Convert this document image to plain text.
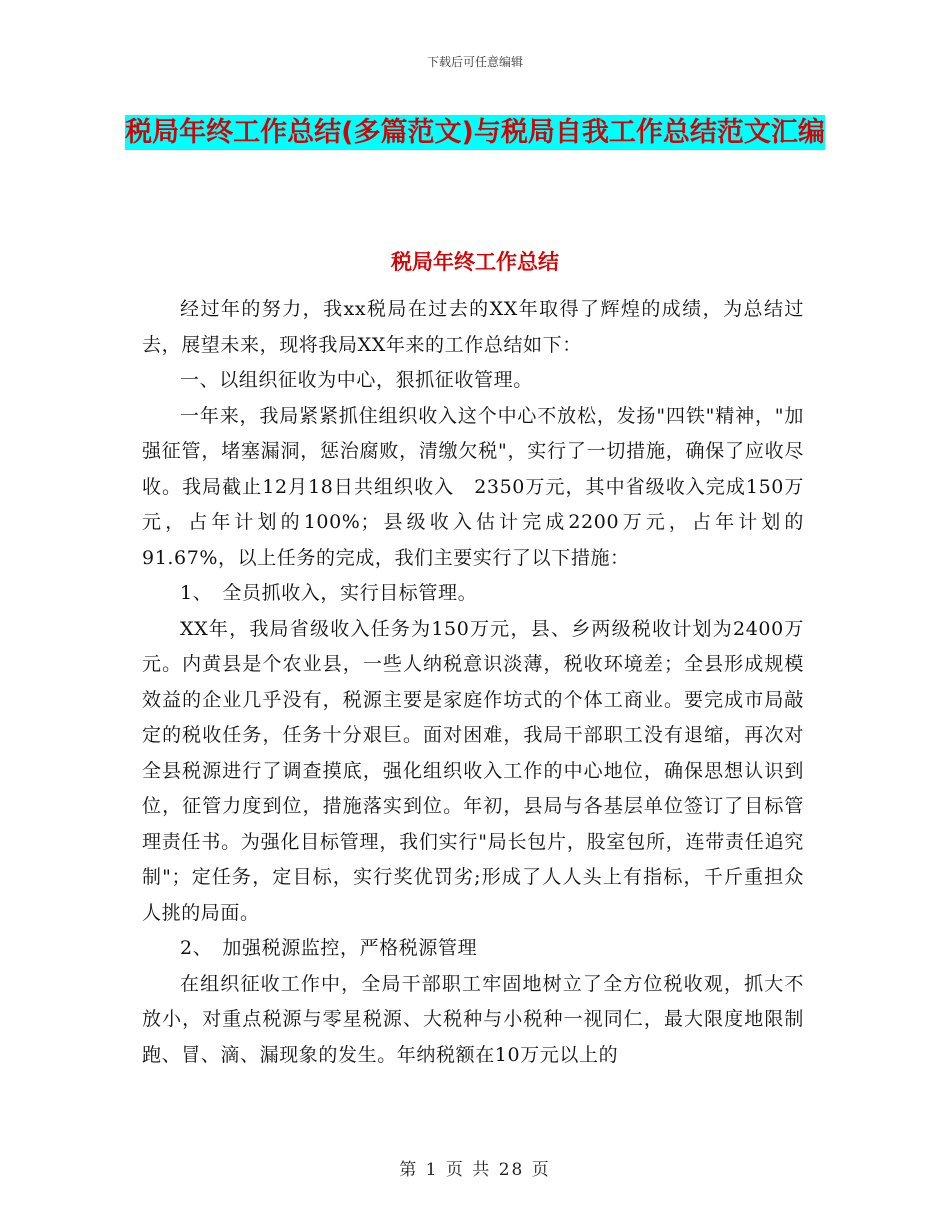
下载后可任意编辑
税局年终工作总结(多篇范文)与税局自我工作总结范文汇编
税局年终工作总结

经过年的努力，我xx税局在过去的XX年取得了辉煌的成绩，为总结过去，展望未来，现将我局XX年来的工作总结如下：

一、以组织征收为中心，狠抓征收管理。

一年来，我局紧紧抓住组织收入这个中心不放松，发扬"四铁"精神，"加强征管，堵塞漏洞，惩治腐败，清缴欠税"，实行了一切措施，确保了应收尽收。我局截止12月18日共组织收入　2350万元，其中省级收入完成150万元，占年计划的100%；县级收入估计完成2200万元，占年计划的91.67%，以上任务的完成，我们主要实行了以下措施：

1、　全员抓收入，实行目标管理。

XX年，我局省级收入任务为150万元，县、乡两级税收计划为2400万元。内黄县是个农业县，一些人纳税意识淡薄，税收环境差；全县形成规模效益的企业几乎没有，税源主要是家庭作坊式的个体工商业。要完成市局敲定的税收任务，任务十分艰巨。面对困难，我局干部职工没有退缩，再次对全县税源进行了调查摸底，强化组织收入工作的中心地位，确保思想认识到位，征管力度到位，措施落实到位。年初，县局与各基层单位签订了目标管理责任书。为强化目标管理，我们实行"局长包片，股室包所，连带责任追究制"；定任务，定目标，实行奖优罚劣;形成了人人头上有指标，千斤重担众人挑的局面。

2、　加强税源监控，严格税源管理

在组织征收工作中，全局干部职工牢固地树立了全方位税收观，抓大不放小，对重点税源与零星税源、大税种与小税种一视同仁，最大限度地限制跑、冒、滴、漏现象的发生。年纳税额在10万元以上的

第 1 页 共 28 页
